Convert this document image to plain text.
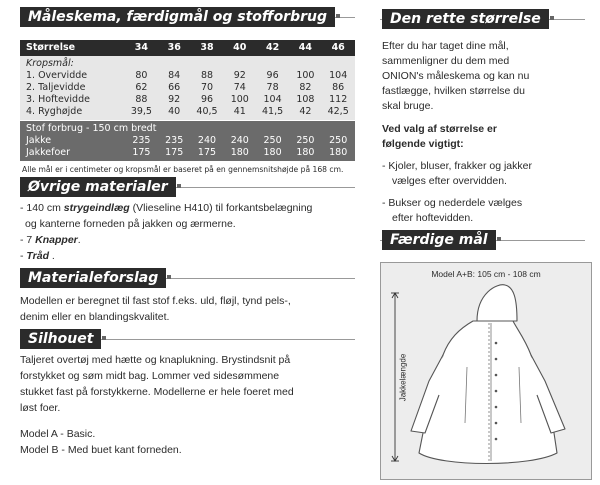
Måleskema, færdigmål og stofforbrug
Størrelse	34	36	38	40	42	44	46
Kropsmål:
1. Overvidde	80	84	88	92	96	100	104
2. Taljevidde	62	66	70	74	78	82	86
3. Hoftevidde	88	92	96	100	104	108	112
4. Ryghøjde	39,5	40	40,5	41	41,5	42	42,5
Stof forbrug - 150 cm bredt
Jakke	235	235	240	240	250	250	250
Jakkefoer	175	175	175	180	180	180	180
Alle mål er i centimeter og kropsmål er baseret på en gennemsnitshøjde på 168 cm.
Øvrige materialer

- 140 cm strygeindlæg (Vlieseline H410) til forkantsbelægning

og kanterne forneden på jakken og ærmerne.

- 7 Knapper.

- Tråd .

Materialeforslag

Modellen er beregnet til fast stof f.eks. uld, fløjl, tynd pels-,

denim eller en blandingskvalitet.

Silhouet

Taljeret overtøj med hætte og knaplukning. Brystindsnit på

forstykket og søm midt bag. Lommer ved sidesømmene

stukket fast på forstykkerne. Modellerne er hele foeret med

løst foer.

Model A - Basic.

Model B - Med buet kant forneden.

Den rette størrelse

Efter du har taget dine mål,

sammenligner du dem med

ONION's måleskema og kan nu

fastlægge, hvilken størrelse du

skal bruge.

Ved valg af størrelse er

følgende vigtigt:

- Kjoler, bluser, frakker og jakker

vælges efter overvidden.

- Bukser og nederdele vælges

efter hoftevidden.

Færdige mål
Model A+B: 105 cm - 108 cm
Jakkelængde
